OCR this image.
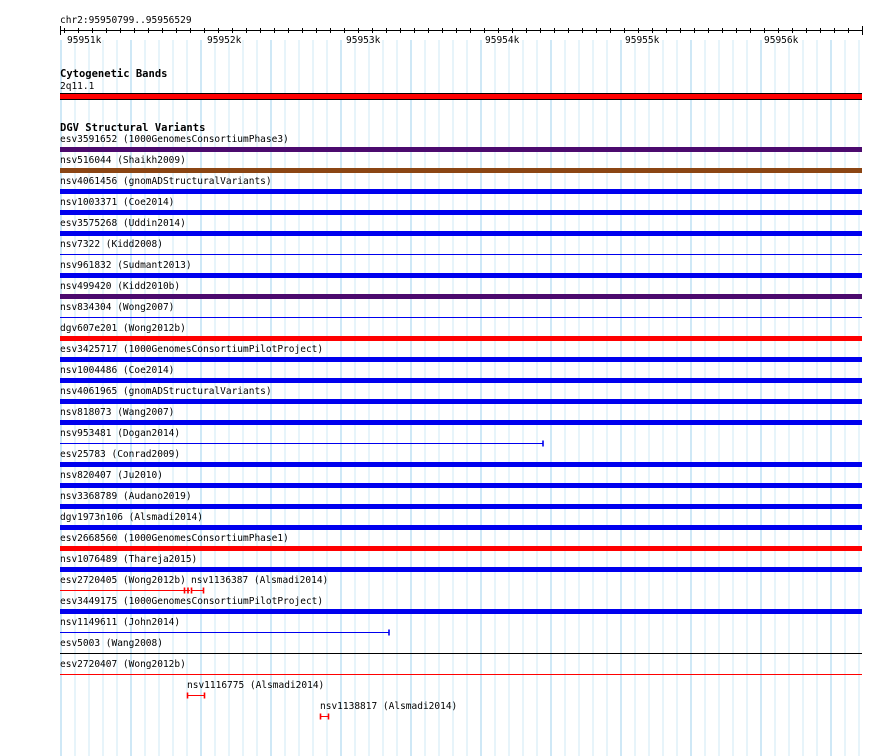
chr2:95950799..95956529
95951k	95952k	95953k	95954k	95955k	95956k
Cytogenetic Bands
2q11.1
DGV Structural Variants
esv3591652 (1000GenomesConsortiumPhase3)
nsv516044 (Shaikh2009)
nsv4061456 (gnomADStructuralVariants)
nsv1003371 (Coe2014)
esv3575268 (Uddin2014)
nsv7322 (Kidd2008)
nsv961832 (Sudmant2013)
nsv499420 (Kidd2010b)
nsv834304 (Wong2007)
dgv607e201 (Wong2012b)
esv3425717 (1000GenomesConsortiumPilotProject)
nsv1004486 (Coe2014)
nsv4061965 (gnomADStructuralVariants)
nsv818073 (Wang2007)
nsv953481 (Dogan2014)
esv25783 (Conrad2009)
nsv820407 (Ju2010)
nsv3368789 (Audano2019)
dgv1973n106 (Alsmadi2014)
esv2668560 (1000GenomesConsortiumPhase1)
nsv1076489 (Thareja2015)
esv2720405 (Wong2012b) nsv1136387 (Alsmadi2014)
esv3449175 (1000GenomesConsortiumPilotProject)
nsv1149611 (John2014)
esv5003 (Wang2008)
esv2720407 (Wong2012b)
nsv1116775 (Alsmadi2014)
nsv1138817 (Alsmadi2014)
